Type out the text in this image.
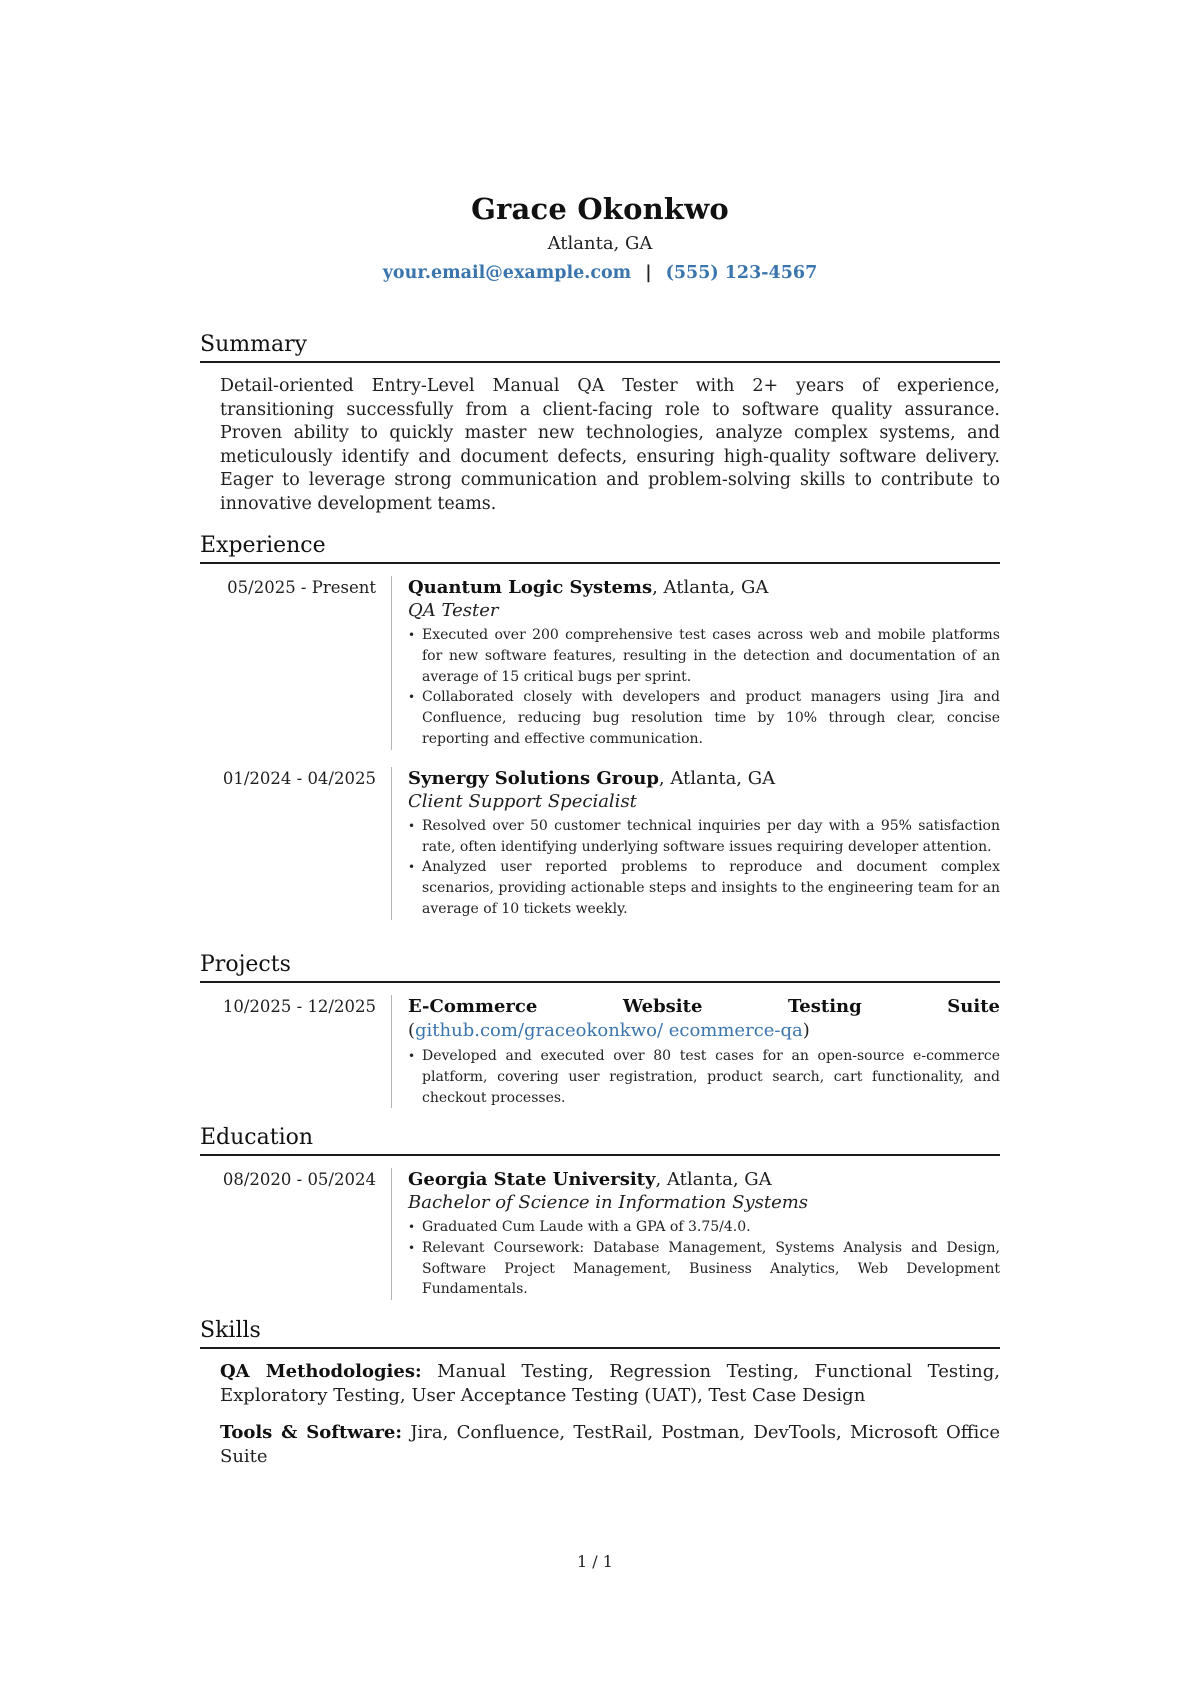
Grace Okonkwo
Atlanta, GA
your.email@example.com | (555) 123-4567
Summary
Detail-oriented Entry-Level Manual QA Tester with 2+ years of experience, transitioning successfully from a client-facing role to software quality assurance. Proven ability to quickly master new technologies, analyze complex systems, and meticulously identify and document defects, ensuring high-quality software delivery. Eager to leverage strong communication and problem-solving skills to contribute to innovative development teams.
Experience
05/2025 - Present Quantum Logic Systems, Atlanta, GA
QA Tester
• Executed over 200 comprehensive test cases across web and mobile platforms for new software features, resulting in the detection and documentation of an average of 15 critical bugs per sprint.
• Collaborated closely with developers and product managers using Jira and Confluence, reducing bug resolution time by 10% through clear, concise reporting and effective communication.
01/2024 - 04/2025 Synergy Solutions Group, Atlanta, GA
Client Support Specialist
• Resolved over 50 customer technical inquiries per day with a 95% satisfaction rate, often identifying underlying software issues requiring developer attention.
• Analyzed user reported problems to reproduce and document complex scenarios, providing actionable steps and insights to the engineering team for an average of 10 tickets weekly.
Projects
10/2025 - 12/2025 E-Commerce Website Testing Suite (github.com/graceokonkwo/ ecommerce-qa)
• Developed and executed over 80 test cases for an open-source e-commerce platform, covering user registration, product search, cart functionality, and checkout processes.
Education
08/2020 - 05/2024 Georgia State University, Atlanta, GA
Bachelor of Science in Information Systems
• Graduated Cum Laude with a GPA of 3.75/4.0.
• Relevant Coursework: Database Management, Systems Analysis and Design, Software Project Management, Business Analytics, Web Development Fundamentals.
Skills
QA Methodologies: Manual Testing, Regression Testing, Functional Testing, Exploratory Testing, User Acceptance Testing (UAT), Test Case Design
Tools & Software: Jira, Confluence, TestRail, Postman, DevTools, Microsoft Office Suite
1 / 1
